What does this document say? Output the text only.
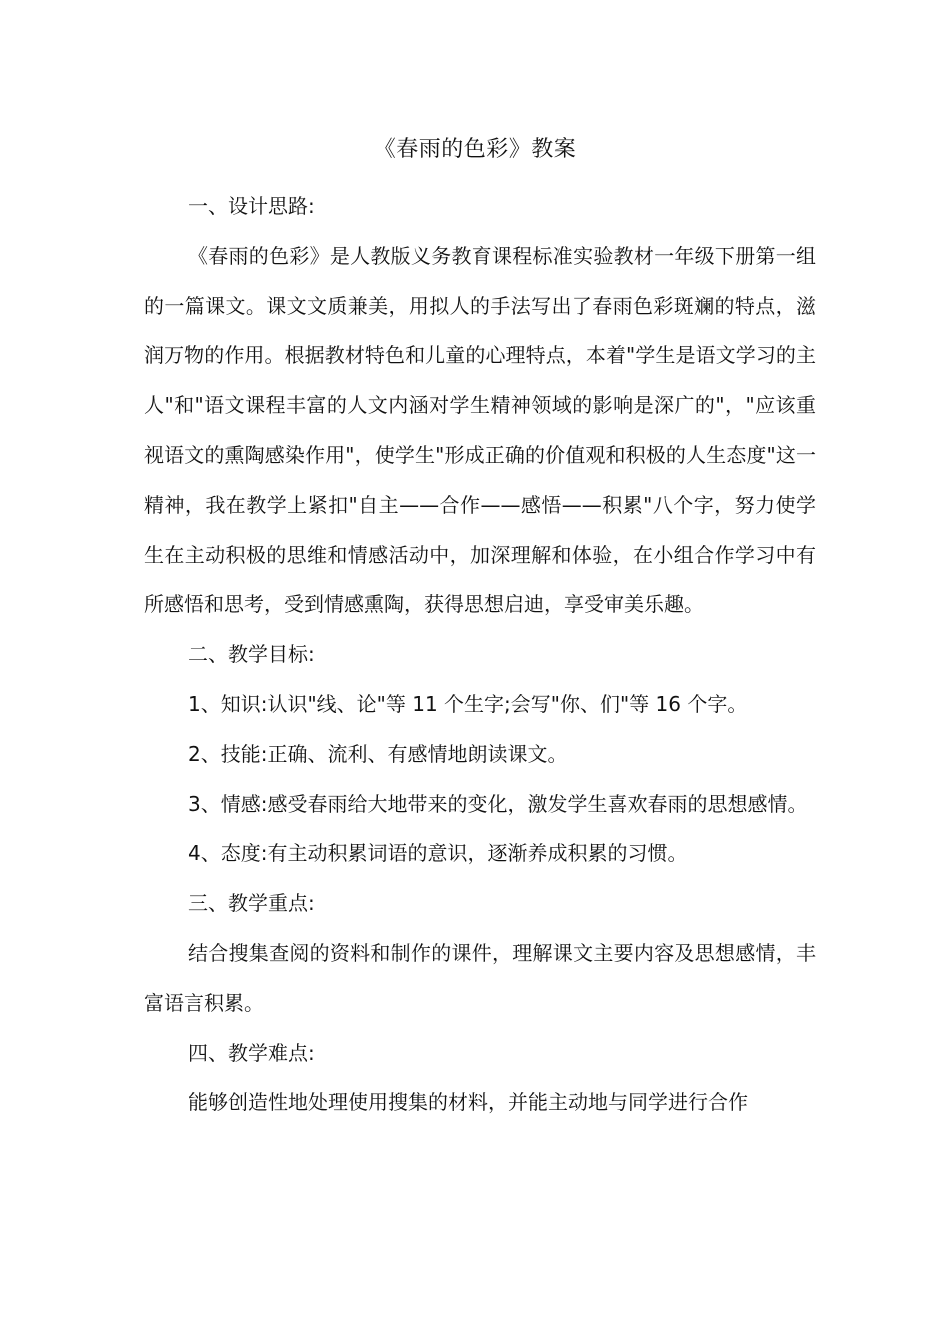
《春雨的色彩》教案

一、设计思路:

《春雨的色彩》是人教版义务教育课程标准实验教材一年级下册第一组的一篇课文。课文文质兼美，用拟人的手法写出了春雨色彩斑斓的特点，滋润万物的作用。根据教材特色和儿童的心理特点，本着"学生是语文学习的主人"和"语文课程丰富的人文内涵对学生精神领域的影响是深广的"，"应该重视语文的熏陶感染作用"，使学生"形成正确的价值观和积极的人生态度"这一精神，我在教学上紧扣"自主——合作——感悟——积累"八个字，努力使学生在主动积极的思维和情感活动中，加深理解和体验，在小组合作学习中有所感悟和思考，受到情感熏陶，获得思想启迪，享受审美乐趣。

二、教学目标:

1、知识:认识"线、论"等 11 个生字;会写"你、们"等 16 个字。

2、技能:正确、流利、有感情地朗读课文。

3、情感:感受春雨给大地带来的变化，激发学生喜欢春雨的思想感情。

4、态度:有主动积累词语的意识，逐渐养成积累的习惯。

三、教学重点:

结合搜集查阅的资料和制作的课件，理解课文主要内容及思想感情，丰富语言积累。

四、教学难点:

能够创造性地处理使用搜集的材料，并能主动地与同学进行合作
